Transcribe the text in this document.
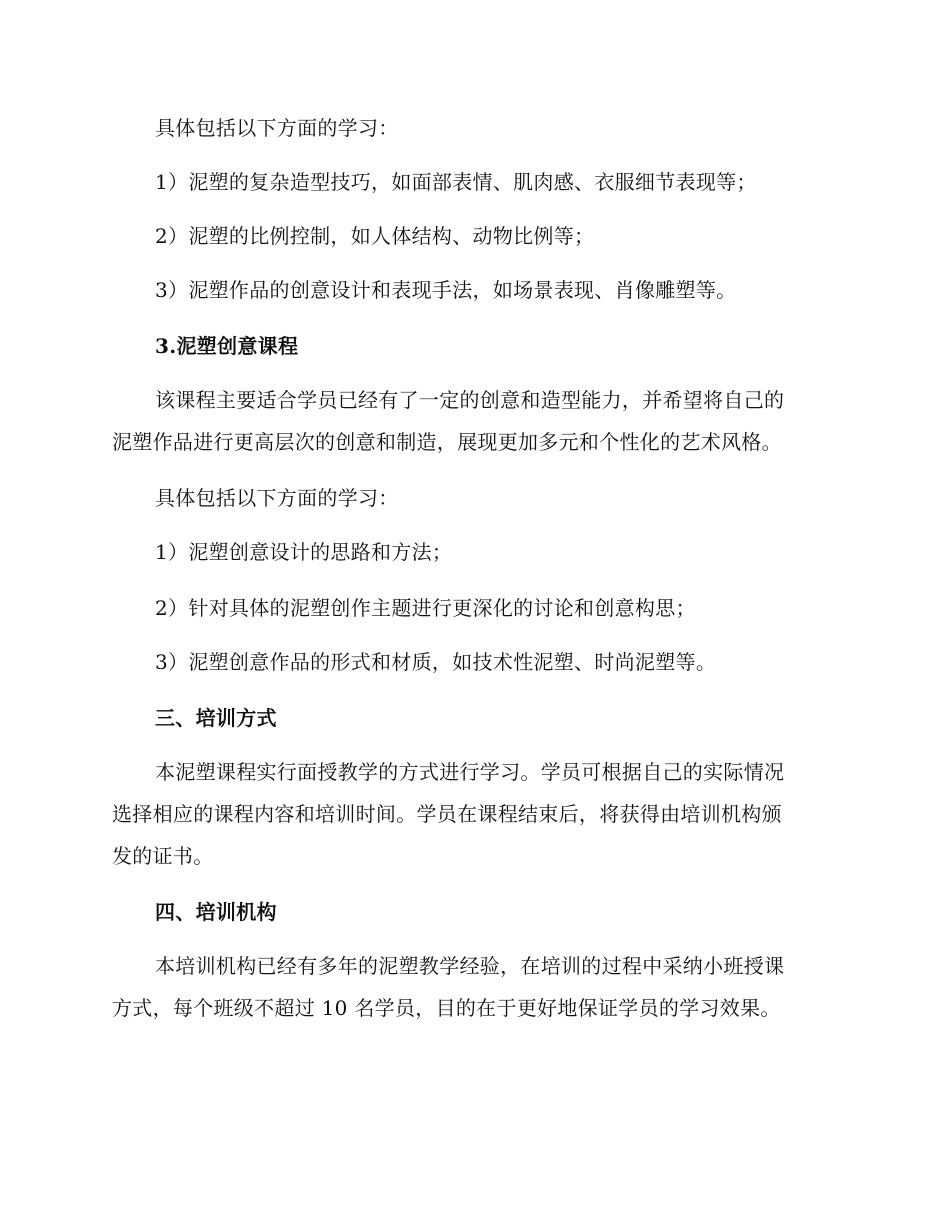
具体包括以下方面的学习：
1）泥塑的复杂造型技巧，如面部表情、肌肉感、衣服细节表现等；
2）泥塑的比例控制，如人体结构、动物比例等；
3）泥塑作品的创意设计和表现手法，如场景表现、肖像雕塑等。
3.泥塑创意课程
该课程主要适合学员已经有了一定的创意和造型能力，并希望将自己的
泥塑作品进行更高层次的创意和制造，展现更加多元和个性化的艺术风格。
具体包括以下方面的学习：
1）泥塑创意设计的思路和方法；
2）针对具体的泥塑创作主题进行更深化的讨论和创意构思；
3）泥塑创意作品的形式和材质，如技术性泥塑、时尚泥塑等。
三、培训方式
本泥塑课程实行面授教学的方式进行学习。学员可根据自己的实际情况
选择相应的课程内容和培训时间。学员在课程结束后，将获得由培训机构颁
发的证书。
四、培训机构
本培训机构已经有多年的泥塑教学经验，在培训的过程中采纳小班授课
方式，每个班级不超过 10 名学员，目的在于更好地保证学员的学习效果。
